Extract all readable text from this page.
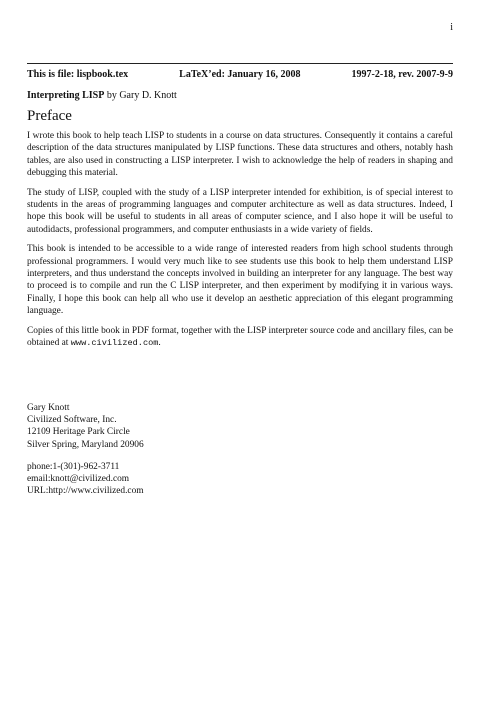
i
This is file: lispbook.tex	LaTeX’ed: January 16, 2008	1997-2-18, rev. 2007-9-9
Interpreting LISP by Gary D. Knott
Preface

I wrote this book to help teach LISP to students in a course on data structures. Consequently it contains a careful description of the data structures manipulated by LISP functions. These data structures and others, notably hash tables, are also used in constructing a LISP interpreter. I wish to acknowledge the help of readers in shaping and debugging this material.

The study of LISP, coupled with the study of a LISP interpreter intended for exhibition, is of special interest to students in the areas of programming languages and computer architecture as well as data structures. Indeed, I hope this book will be useful to students in all areas of computer science, and I also hope it will be useful to autodidacts, professional programmers, and computer enthusiasts in a wide variety of fields.

This book is intended to be accessible to a wide range of interested readers from high school students through professional programmers. I would very much like to see students use this book to help them understand LISP interpreters, and thus understand the concepts involved in building an interpreter for any language. The best way to proceed is to compile and run the C LISP interpreter, and then experiment by modifying it in various ways. Finally, I hope this book can help all who use it develop an aesthetic appreciation of this elegant programming language.

Copies of this little book in PDF format, together with the LISP interpreter source code and ancillary files, can be obtained at www.civilized.com.

Gary Knott
Civilized Software, Inc.
12109 Heritage Park Circle
Silver Spring, Maryland 20906
phone:1-(301)-962-3711
email:knott@civilized.com
URL:http://www.civilized.com
